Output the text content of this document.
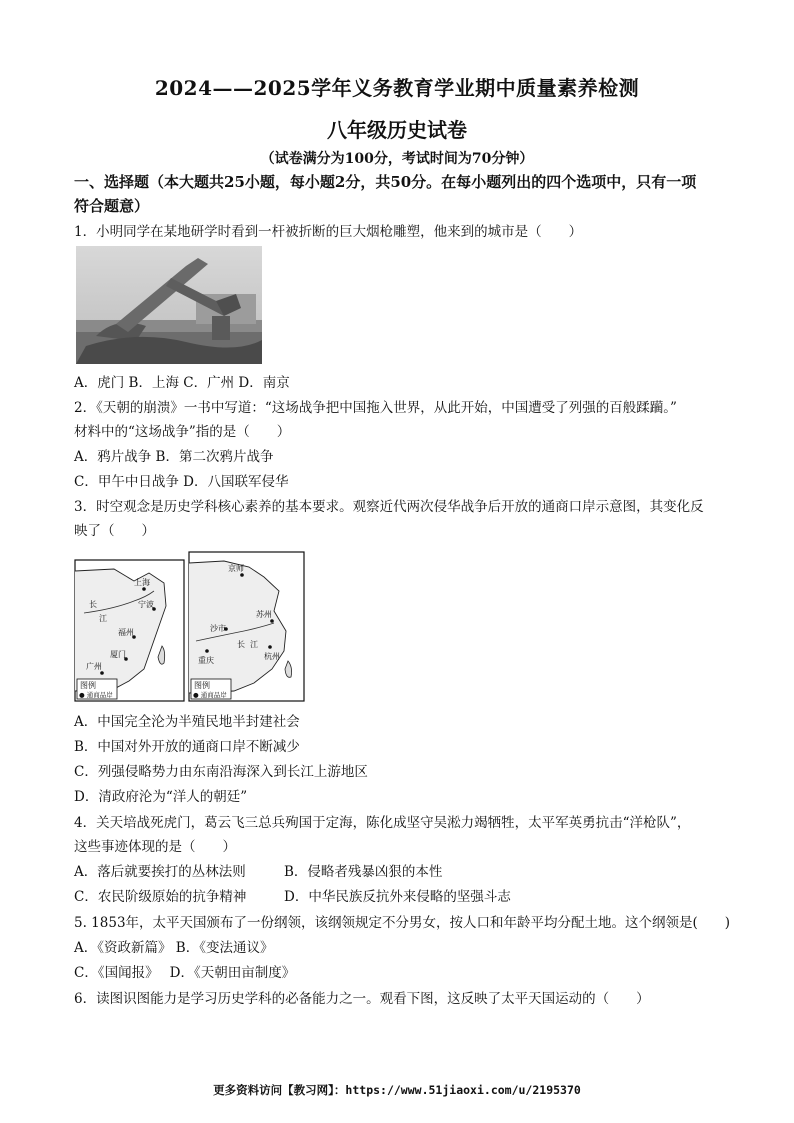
2024——2025学年义务教育学业期中质量素养检测
八年级历史试卷
（试卷满分为100分，考试时间为70分钟）
一、选择题（本大题共25小题，每小题2分，共50分。在每小题列出的四个选项中，只有一项
符合题意）
1．小明同学在某地研学时看到一杆被折断的巨大烟枪雕塑，他来到的城市是（　　）
A．虎门 B．上海 C．广州 D．南京
2．《天朝的崩溃》一书中写道：“这场战争把中国拖入世界，从此开始，中国遭受了列强的百般蹂躏。”
材料中的“这场战争”指的是（　　）
A．鸦片战争 B．第二次鸦片战争
C．甲午中日战争 D．八国联军侵华
3．时空观念是历史学科核心素养的基本要求。观察近代两次侵华战争后开放的通商口岸示意图，其变化反
映了（　　）
上海
宁波
长
江
福州
厦门
广州
图例
● 通商品岸
京师
苏州
沙市
长 江
重庆	杭州
图例
● 通商品岸
A．中国完全沦为半殖民地半封建社会
B．中国对外开放的通商口岸不断减少
C．列强侵略势力由东南沿海深入到长江上游地区
D．清政府沦为“洋人的朝廷”
4．关天培战死虎门，葛云飞三总兵殉国于定海，陈化成坚守吴淞力竭牺牲，太平军英勇抗击“洋枪队”，
这些事迹体现的是（　　）
A．落后就要挨打的丛林法则	B．侵略者残暴凶狠的本性
C．农民阶级原始的抗争精神	D．中华民族反抗外来侵略的坚强斗志
5. 1853年，太平天国颁布了一份纲领，该纲领规定不分男女，按人口和年龄平均分配土地。这个纲领是(　　)
A．《资政新篇》 B．《变法通议》
C．《国闻报》　 D．《天朝田亩制度》
6．读图识图能力是学习历史学科的必备能力之一。观看下图，这反映了太平天国运动的（　　）
更多资料访问【教习网】：https://www.51jiaoxi.com/u/2195370
